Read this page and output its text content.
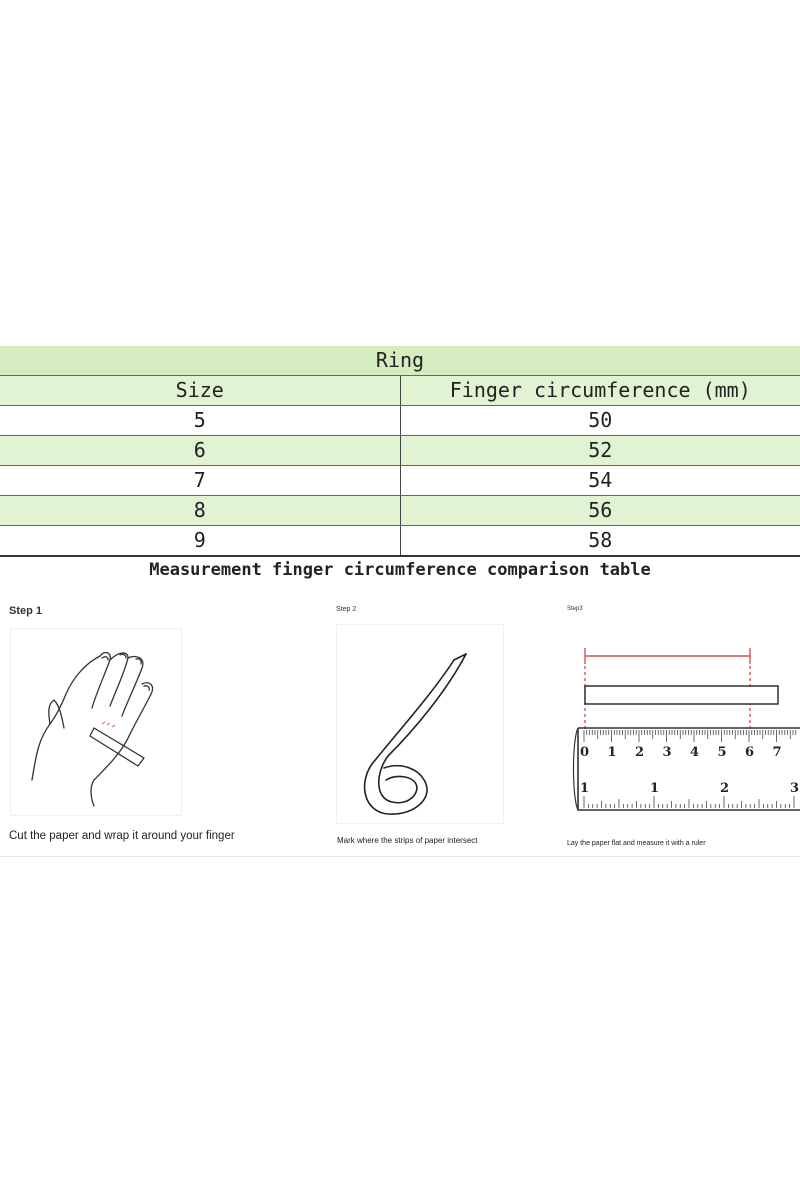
Ring	
Size	Finger circumference (mm)
5	50
6	52
7	54
8	56
9	58
Measurement finger circumference comparison table
Step 1
Cut the paper and wrap it around your finger
Step 2
Mark where the strips of paper intersect
Step3
0 1 2 3 4 5 6 7
1	1	2	3
Lay the paper flat and measure it with a ruler
